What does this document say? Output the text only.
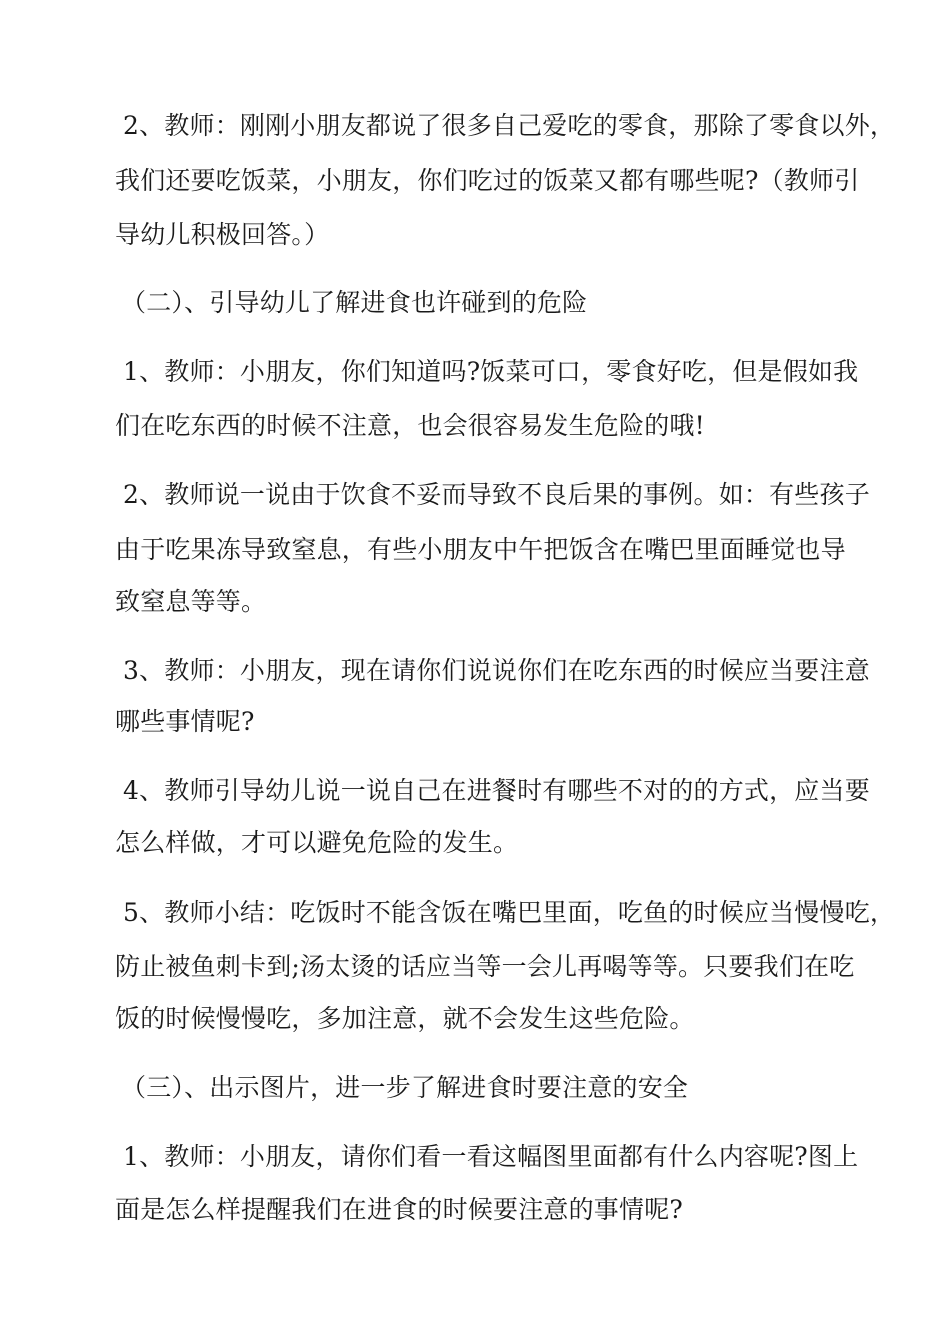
2、教师：刚刚小朋友都说了很多自己爱吃的零食，那除了零食以外，
我们还要吃饭菜，小朋友，你们吃过的饭菜又都有哪些呢?（教师引
导幼儿积极回答。）
（二）、引导幼儿了解进食也许碰到的危险
1、教师：小朋友，你们知道吗?饭菜可口，零食好吃，但是假如我
们在吃东西的时候不注意，也会很容易发生危险的哦!
2、教师说一说由于饮食不妥而导致不良后果的事例。如：有些孩子
由于吃果冻导致窒息，有些小朋友中午把饭含在嘴巴里面睡觉也导
致窒息等等。
3、教师：小朋友，现在请你们说说你们在吃东西的时候应当要注意
哪些事情呢?
4、教师引导幼儿说一说自己在进餐时有哪些不对的的方式，应当要
怎么样做，才可以避免危险的发生。
5、教师小结：吃饭时不能含饭在嘴巴里面，吃鱼的时候应当慢慢吃，
防止被鱼刺卡到;汤太烫的话应当等一会儿再喝等等。只要我们在吃
饭的时候慢慢吃，多加注意，就不会发生这些危险。
（三）、出示图片，进一步了解进食时要注意的安全
1、教师：小朋友，请你们看一看这幅图里面都有什么内容呢?图上
面是怎么样提醒我们在进食的时候要注意的事情呢?
